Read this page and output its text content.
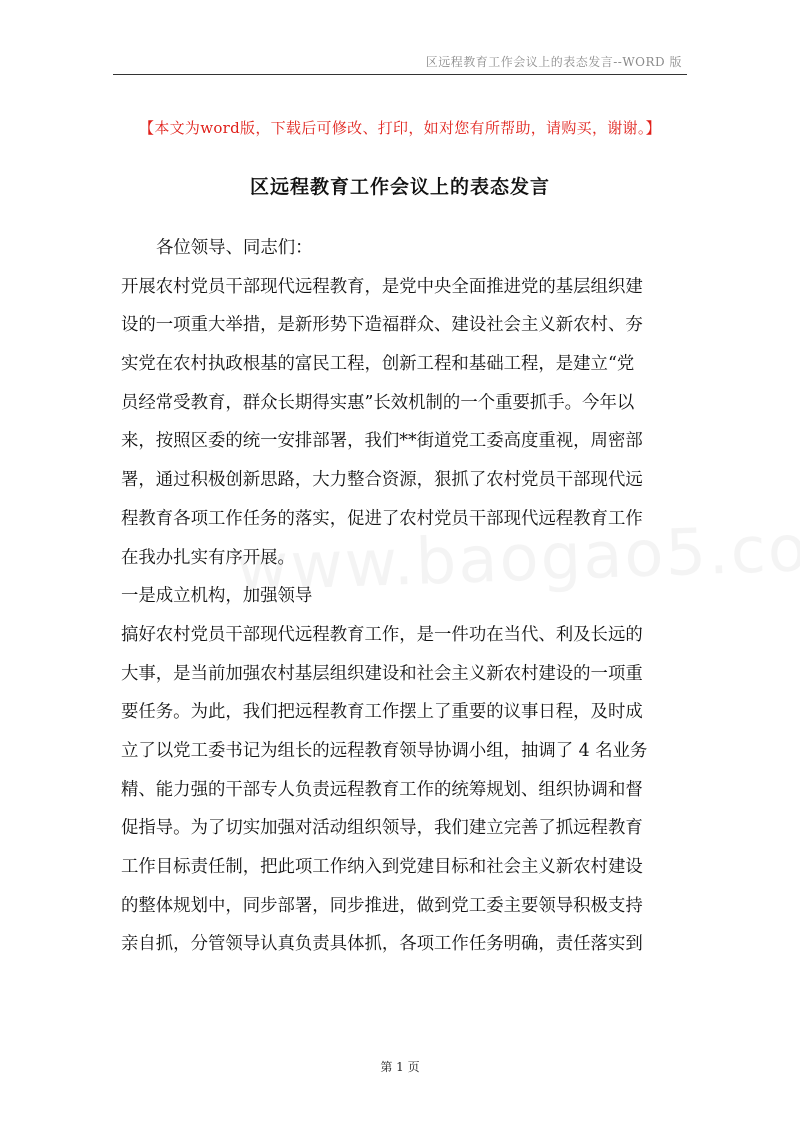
区远程教育工作会议上的表态发言--WORD 版
【本文为word版，下载后可修改、打印，如对您有所帮助，请购买，谢谢。】
区远程教育工作会议上的表态发言
各位领导、同志们：
开展农村党员干部现代远程教育，是党中央全面推进党的基层组织建
设的一项重大举措，是新形势下造福群众、建设社会主义新农村、夯
实党在农村执政根基的富民工程，创新工程和基础工程，是建立“党
员经常受教育，群众长期得实惠”长效机制的一个重要抓手。今年以
来，按照区委的统一安排部署，我们**街道党工委高度重视，周密部
署，通过积极创新思路，大力整合资源，狠抓了农村党员干部现代远
程教育各项工作任务的落实，促进了农村党员干部现代远程教育工作
在我办扎实有序开展。
一是成立机构，加强领导
搞好农村党员干部现代远程教育工作，是一件功在当代、利及长远的
大事，是当前加强农村基层组织建设和社会主义新农村建设的一项重
要任务。为此，我们把远程教育工作摆上了重要的议事日程，及时成
立了以党工委书记为组长的远程教育领导协调小组，抽调了 4 名业务
精、能力强的干部专人负责远程教育工作的统筹规划、组织协调和督
促指导。为了切实加强对活动组织领导，我们建立完善了抓远程教育
工作目标责任制，把此项工作纳入到党建目标和社会主义新农村建设
的整体规划中，同步部署，同步推进，做到党工委主要领导积极支持
亲自抓，分管领导认真负责具体抓，各项工作任务明确，责任落实到
第 1 页
